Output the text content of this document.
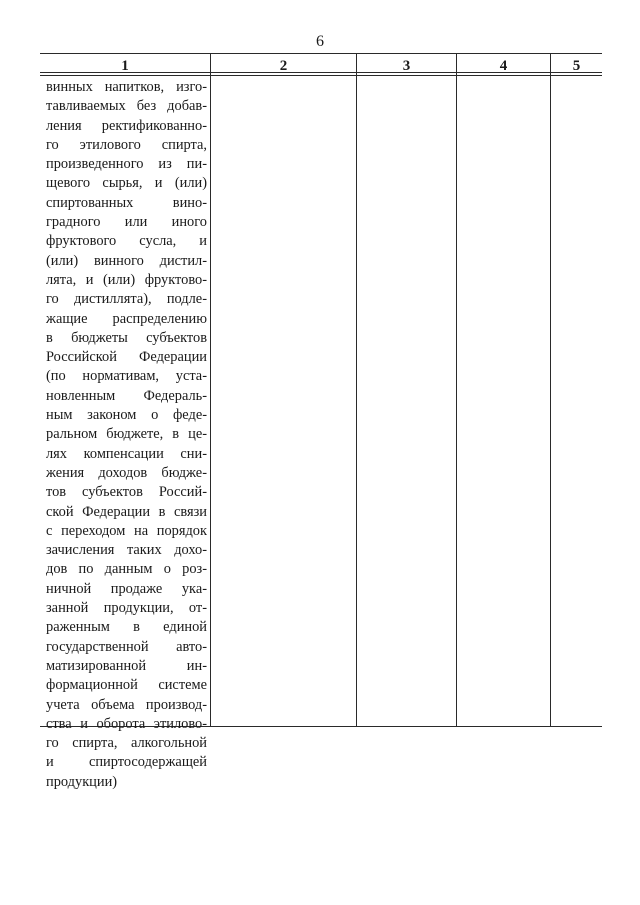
6
1	2	3	4	5
винных напитков, изго-
тавливаемых без добав-
ления ректификованно-
го этилового спирта,
произведенного из пи-
щевого сырья, и (или)
спиртованных вино-
градного или иного
фруктового сусла, и
(или) винного дистил-
лята, и (или) фруктово-
го дистиллята), подле-
жащие распределению
в бюджеты субъектов
Российской Федерации
(по нормативам, уста-
новленным Федераль-
ным законом о феде-
ральном бюджете, в це-
лях компенсации сни-
жения доходов бюдже-
тов субъектов Россий-
ской Федерации в связи
с переходом на порядок
зачисления таких дохо-
дов по данным о роз-
ничной продаже ука-
занной продукции, от-
раженным в единой
государственной авто-
матизированной ин-
формационной системе
учета объема производ-
ства и оборота этилово-
го спирта, алкогольной
и спиртосодержащей
продукции)
